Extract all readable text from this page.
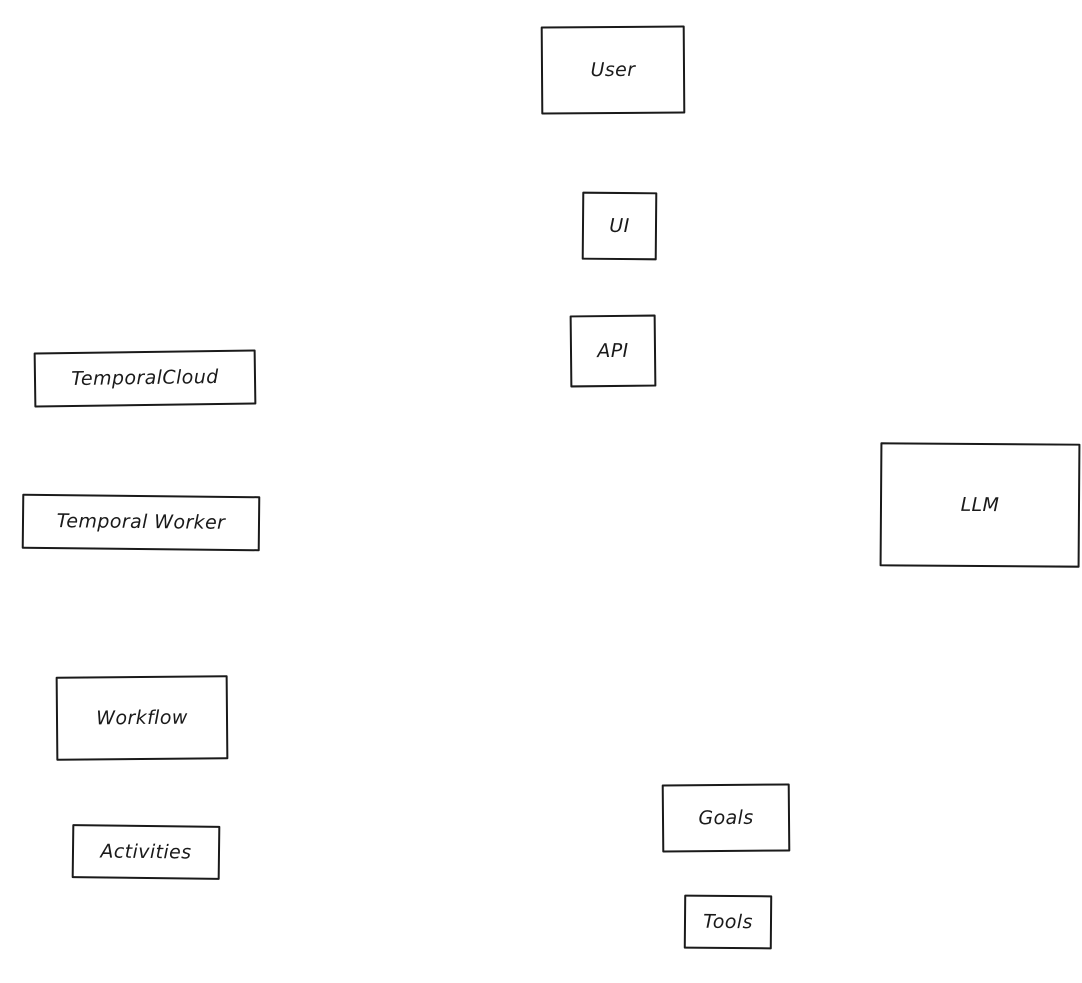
User
UI
API
TemporalCloud
Temporal Worker
LLM
Workflow
Activities
Goals
Tools
